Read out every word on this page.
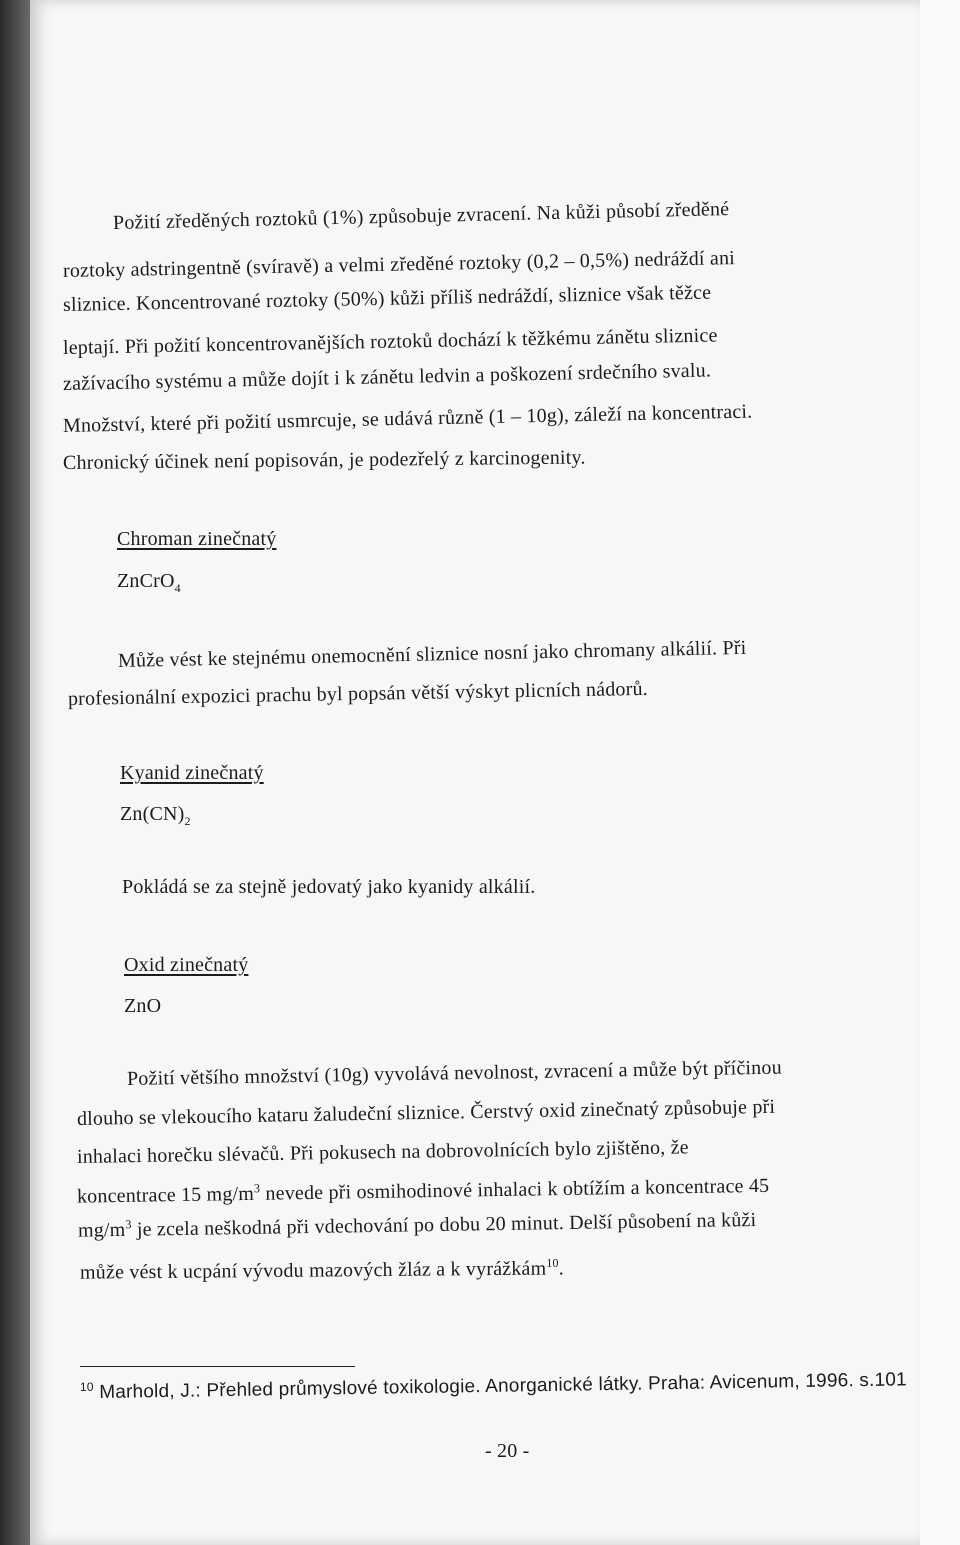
Požití zředěných roztoků (1%) způsobuje zvracení. Na kůži působí zředěné
roztoky adstringentně (svíravě) a velmi zředěné roztoky (0,2 – 0,5%) nedráždí ani
sliznice. Koncentrované roztoky (50%) kůži příliš nedráždí, sliznice však těžce
leptají. Při požití koncentrovanějších roztoků dochází k těžkému zánětu sliznice
zažívacího systému a může dojít i k zánětu ledvin a poškození srdečního svalu.
Množství, které při požití usmrcuje, se udává různě (1 – 10g), záleží na koncentraci.
Chronický účinek není popisován, je podezřelý z karcinogenity.
Chroman zinečnatý
ZnCrO$_4$
Může vést ke stejnému onemocnění sliznice nosní jako chromany alkálií. Při
profesionální expozici prachu byl popsán větší výskyt plicních nádorů.
Kyanid zinečnatý
$Zn(CN)_2$
Pokládá se za stejně jedovatý jako kyanidy alkálií.
Oxid zinečnatý
ZnO
Požití většího množství (10g) vyvolává nevolnost, zvracení a může být příčinou
dlouho se vlekoucího kataru žaludeční sliznice. Čerstvý oxid zinečnatý způsobuje při
inhalaci horečku slévačů. Při pokusech na dobrovolnících bylo zjištěno, že
koncentrace 15 $mg/m^3$ nevede při osmihodinové inhalaci k obtížím a koncentrace 45
$mg/m^3$ je zcela neškodná při vdechování po dobu 20 minut. Delší působení na kůži
může vést k ucpání vývodu mazových žláz a k vyrážkám$^{10}$.
$^{10}$ Marhold, J.: Přehled průmyslové toxikologie. Anorganické látky. Praha: Avicenum, 1996. s.101
- 20 -
